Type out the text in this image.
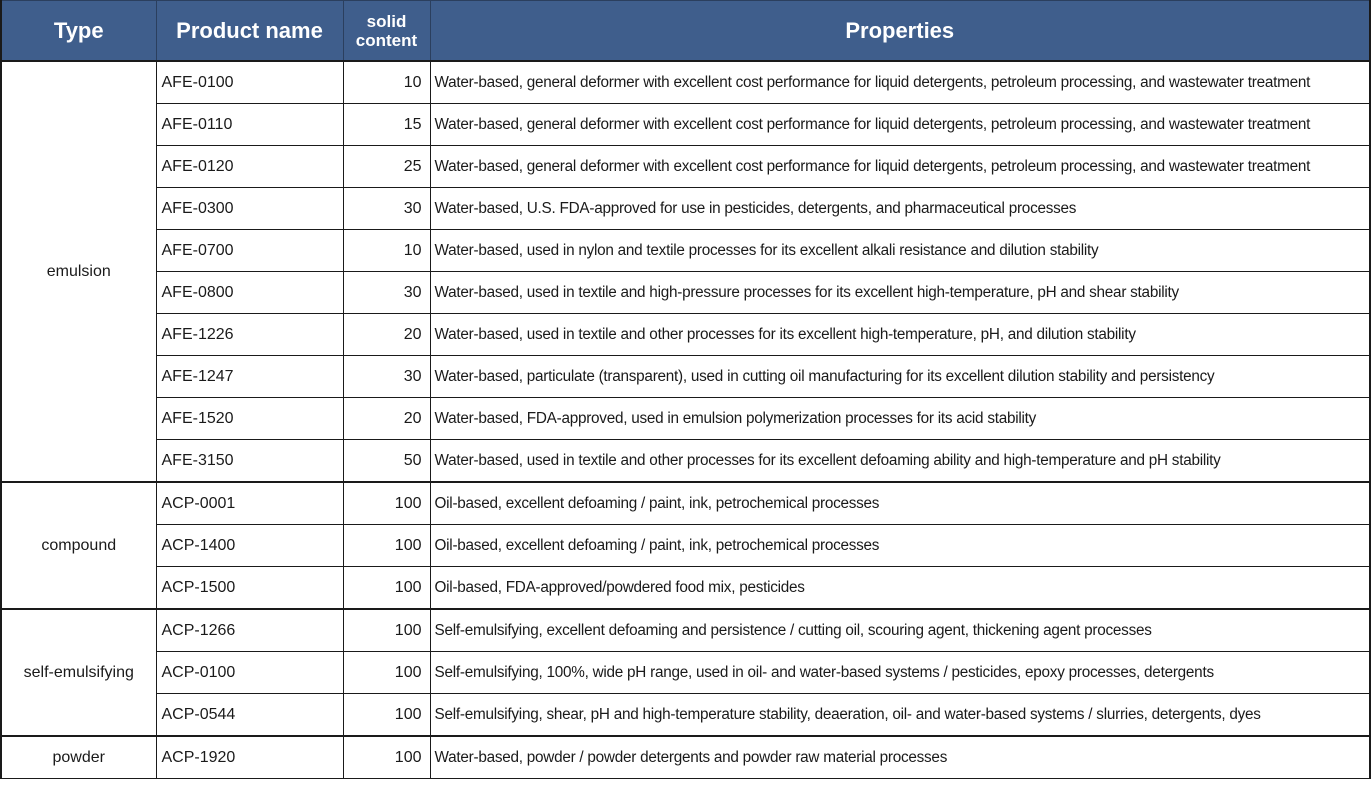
Type	Product name	solid content	Properties
emulsion	AFE-0100	10	Water-based, general deformer with excellent cost performance for liquid detergents, petroleum processing, and wastewater treatment
	AFE-0110	15	Water-based, general deformer with excellent cost performance for liquid detergents, petroleum processing, and wastewater treatment
	AFE-0120	25	Water-based, general deformer with excellent cost performance for liquid detergents, petroleum processing, and wastewater treatment
	AFE-0300	30	Water-based, U.S. FDA-approved for use in pesticides, detergents, and pharmaceutical processes
	AFE-0700	10	Water-based, used in nylon and textile processes for its excellent alkali resistance and dilution stability
	AFE-0800	30	Water-based, used in textile and high-pressure processes for its excellent high-temperature, pH and shear stability
	AFE-1226	20	Water-based, used in textile and other processes for its excellent high-temperature, pH, and dilution stability
	AFE-1247	30	Water-based, particulate (transparent), used in cutting oil manufacturing for its excellent dilution stability and persistency
	AFE-1520	20	Water-based, FDA-approved, used in emulsion polymerization processes for its acid stability
	AFE-3150	50	Water-based, used in textile and other processes for its excellent defoaming ability and high-temperature and pH stability
compound	ACP-0001	100	Oil-based, excellent defoaming / paint, ink, petrochemical processes
	ACP-1400	100	Oil-based, excellent defoaming / paint, ink, petrochemical processes
	ACP-1500	100	Oil-based, FDA-approved/powdered food mix, pesticides
self-emulsifying	ACP-1266	100	Self-emulsifying, excellent defoaming and persistence / cutting oil, scouring agent, thickening agent processes
	ACP-0100	100	Self-emulsifying, 100%, wide pH range, used in oil- and water-based systems / pesticides, epoxy processes, detergents
	ACP-0544	100	Self-emulsifying, shear, pH and high-temperature stability, deaeration, oil- and water-based systems / slurries, detergents, dyes
powder	ACP-1920	100	Water-based, powder / powder detergents and powder raw material processes
